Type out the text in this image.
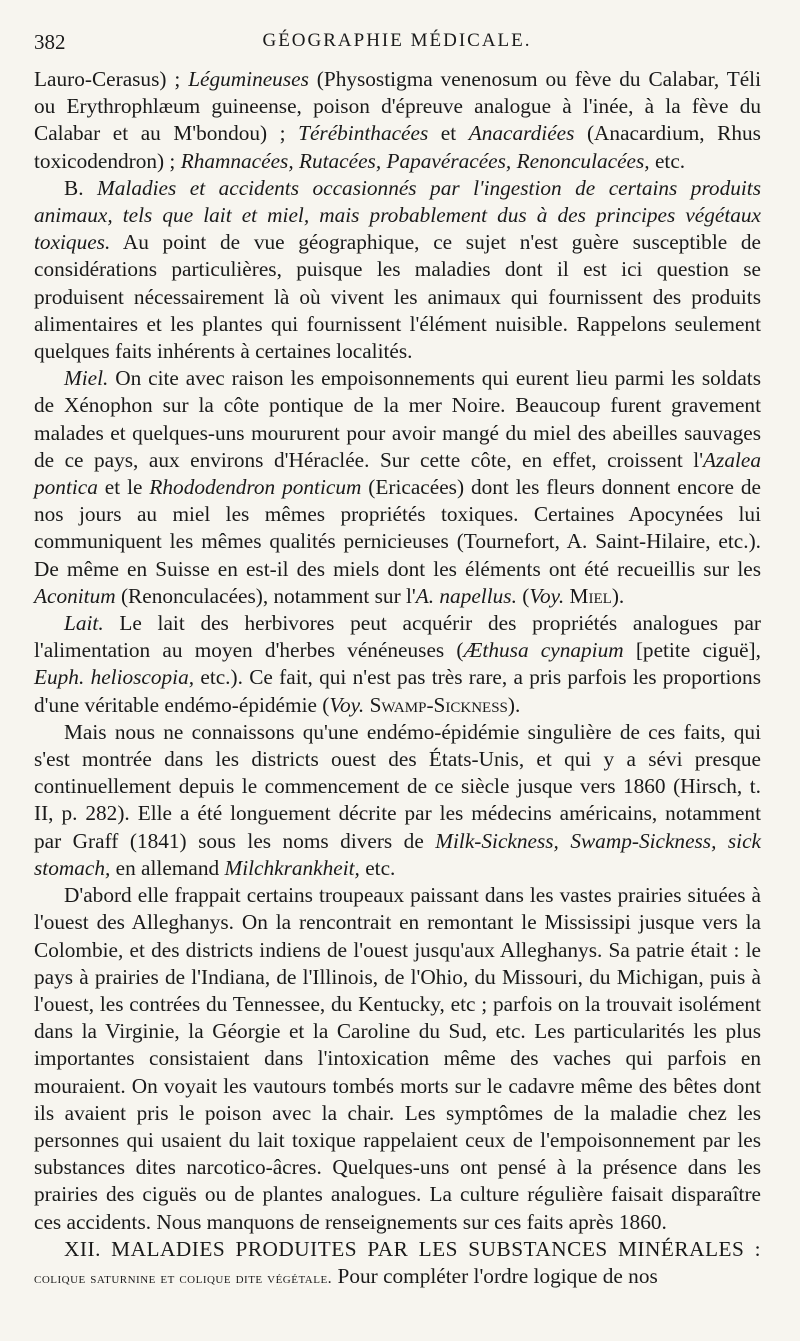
382	GÉOGRAPHIE MÉDICALE.

Lauro-Cerasus) ; Légumineuses (Physostigma venenosum ou fève du Calabar, Téli ou Erythrophlæum guineense, poison d'épreuve analogue à l'inée, à la fève du Calabar et au M'bondou) ; Térébinthacées et Anacardiées (Anacardium, Rhus toxicodendron) ; Rhamnacées, Rutacées, Papavéracées, Renonculacées, etc.

B. Maladies et accidents occasionnés par l'ingestion de certains produits animaux, tels que lait et miel, mais probablement dus à des principes végétaux toxiques. Au point de vue géographique, ce sujet n'est guère susceptible de considérations particulières, puisque les maladies dont il est ici question se produisent nécessairement là où vivent les animaux qui fournissent des produits alimentaires et les plantes qui fournissent l'élément nuisible. Rappelons seulement quelques faits inhérents à certaines localités.

Miel. On cite avec raison les empoisonnements qui eurent lieu parmi les soldats de Xénophon sur la côte pontique de la mer Noire. Beaucoup furent gravement malades et quelques-uns moururent pour avoir mangé du miel des abeilles sauvages de ce pays, aux environs d'Héraclée. Sur cette côte, en effet, croissent l'Azalea pontica et le Rhododendron ponticum (Ericacées) dont les fleurs donnent encore de nos jours au miel les mêmes propriétés toxiques. Certaines Apocynées lui communiquent les mêmes qualités pernicieuses (Tournefort, A. Saint-Hilaire, etc.). De même en Suisse en est-il des miels dont les éléments ont été recueillis sur les Aconitum (Renonculacées), notamment sur l'A. napellus. (Voy. Miel).

Lait. Le lait des herbivores peut acquérir des propriétés analogues par l'alimentation au moyen d'herbes vénéneuses (Æthusa cynapium [petite ciguë], Euph. helioscopia, etc.). Ce fait, qui n'est pas très rare, a pris parfois les proportions d'une véritable endémo-épidémie (Voy. Swamp-Sickness).

Mais nous ne connaissons qu'une endémo-épidémie singulière de ces faits, qui s'est montrée dans les districts ouest des États-Unis, et qui y a sévi presque continuellement depuis le commencement de ce siècle jusque vers 1860 (Hirsch, t. II, p. 282). Elle a été longuement décrite par les médecins américains, notamment par Graff (1841) sous les noms divers de Milk-Sickness, Swamp-Sickness, sick stomach, en allemand Milchkrankheit, etc.

D'abord elle frappait certains troupeaux paissant dans les vastes prairies situées à l'ouest des Alleghanys. On la rencontrait en remontant le Mississipi jusque vers la Colombie, et des districts indiens de l'ouest jusqu'aux Alleghanys. Sa patrie était : le pays à prairies de l'Indiana, de l'Illinois, de l'Ohio, du Missouri, du Michigan, puis à l'ouest, les contrées du Tennessee, du Kentucky, etc ; parfois on la trouvait isolément dans la Virginie, la Géorgie et la Caroline du Sud, etc. Les particularités les plus importantes consistaient dans l'intoxication même des vaches qui parfois en mouraient. On voyait les vautours tombés morts sur le cadavre même des bêtes dont ils avaient pris le poison avec la chair. Les symptômes de la maladie chez les personnes qui usaient du lait toxique rappelaient ceux de l'empoisonnement par les substances dites narcotico-âcres. Quelques-uns ont pensé à la présence dans les prairies des ciguës ou de plantes analogues. La culture régulière faisait disparaître ces accidents. Nous manquons de renseignements sur ces faits après 1860.

XII. MALADIES PRODUITES PAR LES SUBSTANCES MINÉRALES : colique saturnine et colique dite végétale. Pour compléter l'ordre logique de nos
